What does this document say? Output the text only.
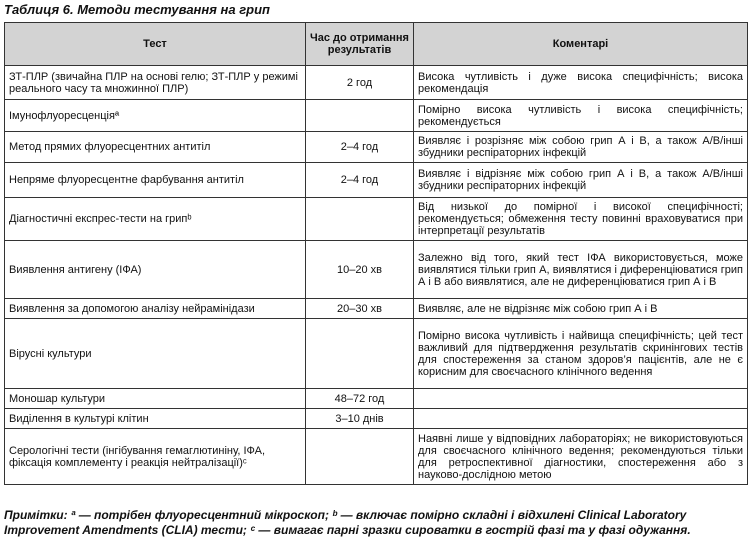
Таблиця 6. Методи тестування на грип
Тест	Час до отримання результатів	Коментарі
ЗТ-ПЛР (звичайна ПЛР на основі гелю; ЗТ-ПЛР у режимі реального часу та множинної ПЛР)	2 год	Висока чутливість і дуже висока специфічність; висока рекомендація
Імунофлуоресценціяª		Помірно висока чутливість і висока специфічність; рекомендується
Метод прямих флуоресцентних антитіл	2–4 год	Виявляє і розрізняє між собою грип А і В, а також А/В/інші збудники респіраторних інфекцій
Непряме флуоресцентне фарбування антитіл	2–4 год	Виявляє і відрізняє між собою грип А і В, а також А/В/інші збудники респіраторних інфекцій
Діагностичні експрес-тести на грипᵇ		Від низької до помірної і високої специфічності; рекомендується; обмеження тесту повинні враховуватися при інтерпретації результатів
Виявлення антигену (ІФА)	10–20 хв	Залежно від того, який тест ІФА використовується, може виявлятися тільки грип А, виявлятися і диференціюватися грип А і В або виявлятися, але не диференціюватися грип А і В
Виявлення за допомогою аналізу нейрамінідази	20–30 хв	Виявляє, але не відрізняє між собою грип А і В
Вірусні культури		Помірно висока чутливість і найвища специфічність; цей тест важливий для підтвердження результатів скринінгових тестів для спостереження за станом здоров’я пацієнтів, але не є корисним для своєчасного клінічного ведення
Моношар культури	48–72 год	
Виділення в культурі клітин	3–10 днів	
Серологічні тести (інгібування гемаглютиніну, ІФА, фіксація комплементу і реакція нейтралізації)ᶜ		Наявні лише у відповідних лабораторіях; не використовуються для своєчасного клінічного ведення; рекомендуються тільки для ретроспективної діагностики, спостереження або з науково-дослідною метою
Примітки: ª — потрібен флуоресцентний мікроскоп; ᵇ — включає помірно складні і відхилені Clinical Laboratory Improvement Amendments (CLIA) тести; ᶜ — вимагає парні зразки сироватки в гострій фазі та у фазі одужання.
